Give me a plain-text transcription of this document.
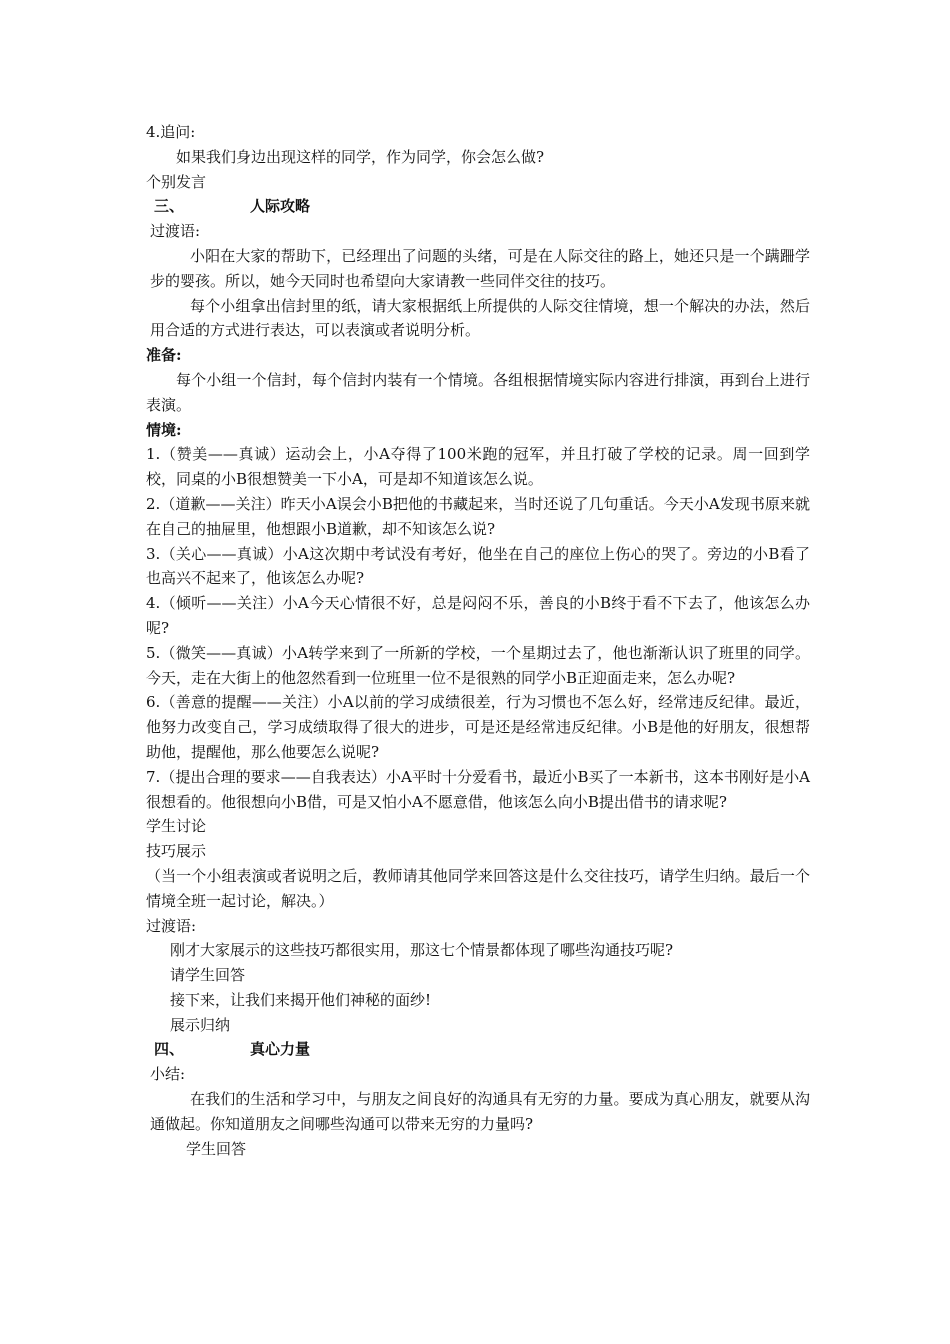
4.追问:
如果我们身边出现这样的同学，作为同学，你会怎么做?
个别发言
三、	人际攻略
过渡语:

小阳在大家的帮助下，已经理出了问题的头绪，可是在人际交往的路上，她还只是一个蹒跚学步的婴孩。所以，她今天同时也希望向大家请教一些同伴交往的技巧。

每个小组拿出信封里的纸，请大家根据纸上所提供的人际交往情境，想一个解决的办法，然后用合适的方式进行表达，可以表演或者说明分析。

准备:

每个小组一个信封，每个信封内装有一个情境。各组根据情境实际内容进行排演，再到台上进行表演。

情境:

1.（赞美——真诚）运动会上，小A夺得了100米跑的冠军，并且打破了学校的记录。周一回到学校，同桌的小B很想赞美一下小A，可是却不知道该怎么说。

2.（道歉——关注）昨天小A误会小B把他的书藏起来，当时还说了几句重话。今天小A发现书原来就在自己的抽屉里，他想跟小B道歉，却不知该怎么说?

3.（关心——真诚）小A这次期中考试没有考好，他坐在自己的座位上伤心的哭了。旁边的小B看了也高兴不起来了，他该怎么办呢?

4.（倾听——关注）小A今天心情很不好，总是闷闷不乐，善良的小B终于看不下去了，他该怎么办呢?

5.（微笑——真诚）小A转学来到了一所新的学校，一个星期过去了，他也渐渐认识了班里的同学。今天，走在大街上的他忽然看到一位班里一位不是很熟的同学小B正迎面走来，怎么办呢?

6.（善意的提醒——关注）小A以前的学习成绩很差，行为习惯也不怎么好，经常违反纪律。最近，他努力改变自己，学习成绩取得了很大的进步，可是还是经常违反纪律。小B是他的好朋友，很想帮助他，提醒他，那么他要怎么说呢?

7.（提出合理的要求——自我表达）小A平时十分爱看书，最近小B买了一本新书，这本书刚好是小A很想看的。他很想向小B借，可是又怕小A不愿意借，他该怎么向小B提出借书的请求呢?

学生讨论
技巧展示

（当一个小组表演或者说明之后，教师请其他同学来回答这是什么交往技巧，请学生归纳。最后一个情境全班一起讨论，解决。）

过渡语:
刚才大家展示的这些技巧都很实用，那这七个情景都体现了哪些沟通技巧呢?
请学生回答
接下来，让我们来揭开他们神秘的面纱!
展示归纳
四、	真心力量
小结:

在我们的生活和学习中，与朋友之间良好的沟通具有无穷的力量。要成为真心朋友，就要从沟通做起。你知道朋友之间哪些沟通可以带来无穷的力量吗?

学生回答
